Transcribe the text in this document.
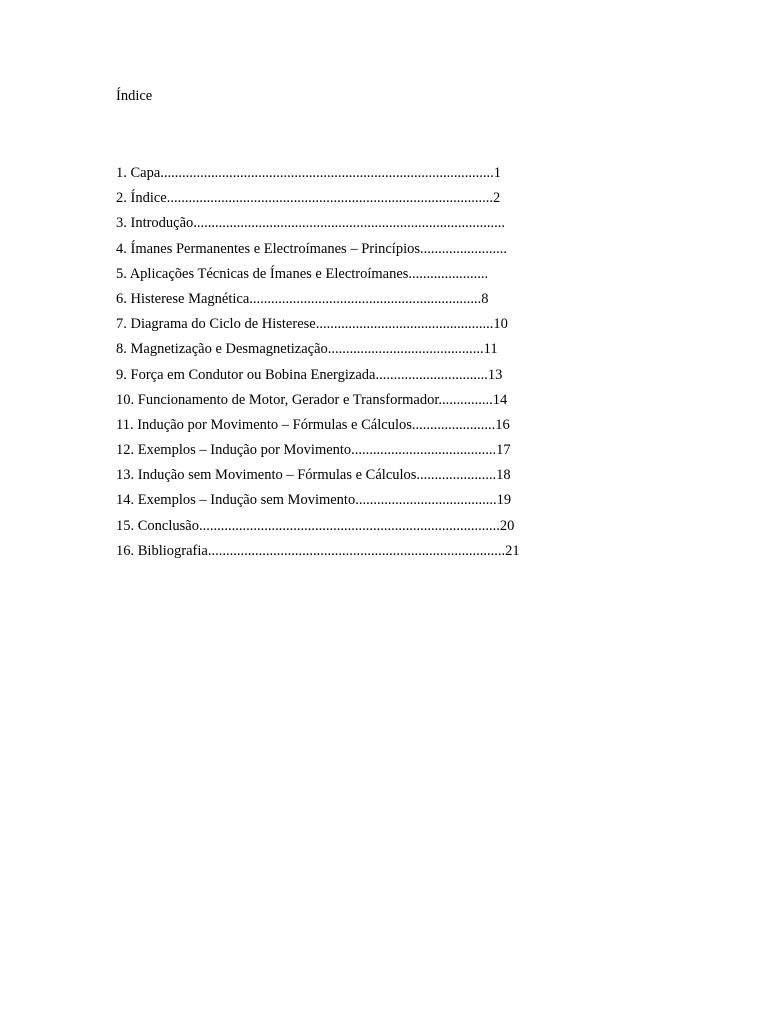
Índice
1. Capa............................................................................................1
2. Índice..........................................................................................2
3. Introdução......................................................................................
4. Ímanes Permanentes e Electroímanes – Princípios........................
5. Aplicações Técnicas de Ímanes e Electroímanes......................
6. Histerese Magnética................................................................8
7. Diagrama do Ciclo de Histerese.................................................10
8. Magnetização e Desmagnetização...........................................11
9. Força em Condutor ou Bobina Energizada...............................13
10. Funcionamento de Motor, Gerador e Transformador...............14
11. Indução por Movimento – Fórmulas e Cálculos.......................16
12. Exemplos – Indução por Movimento........................................17
13. Indução sem Movimento – Fórmulas e Cálculos......................18
14. Exemplos – Indução sem Movimento.......................................19
15. Conclusão...................................................................................20
16. Bibliografia..................................................................................21
